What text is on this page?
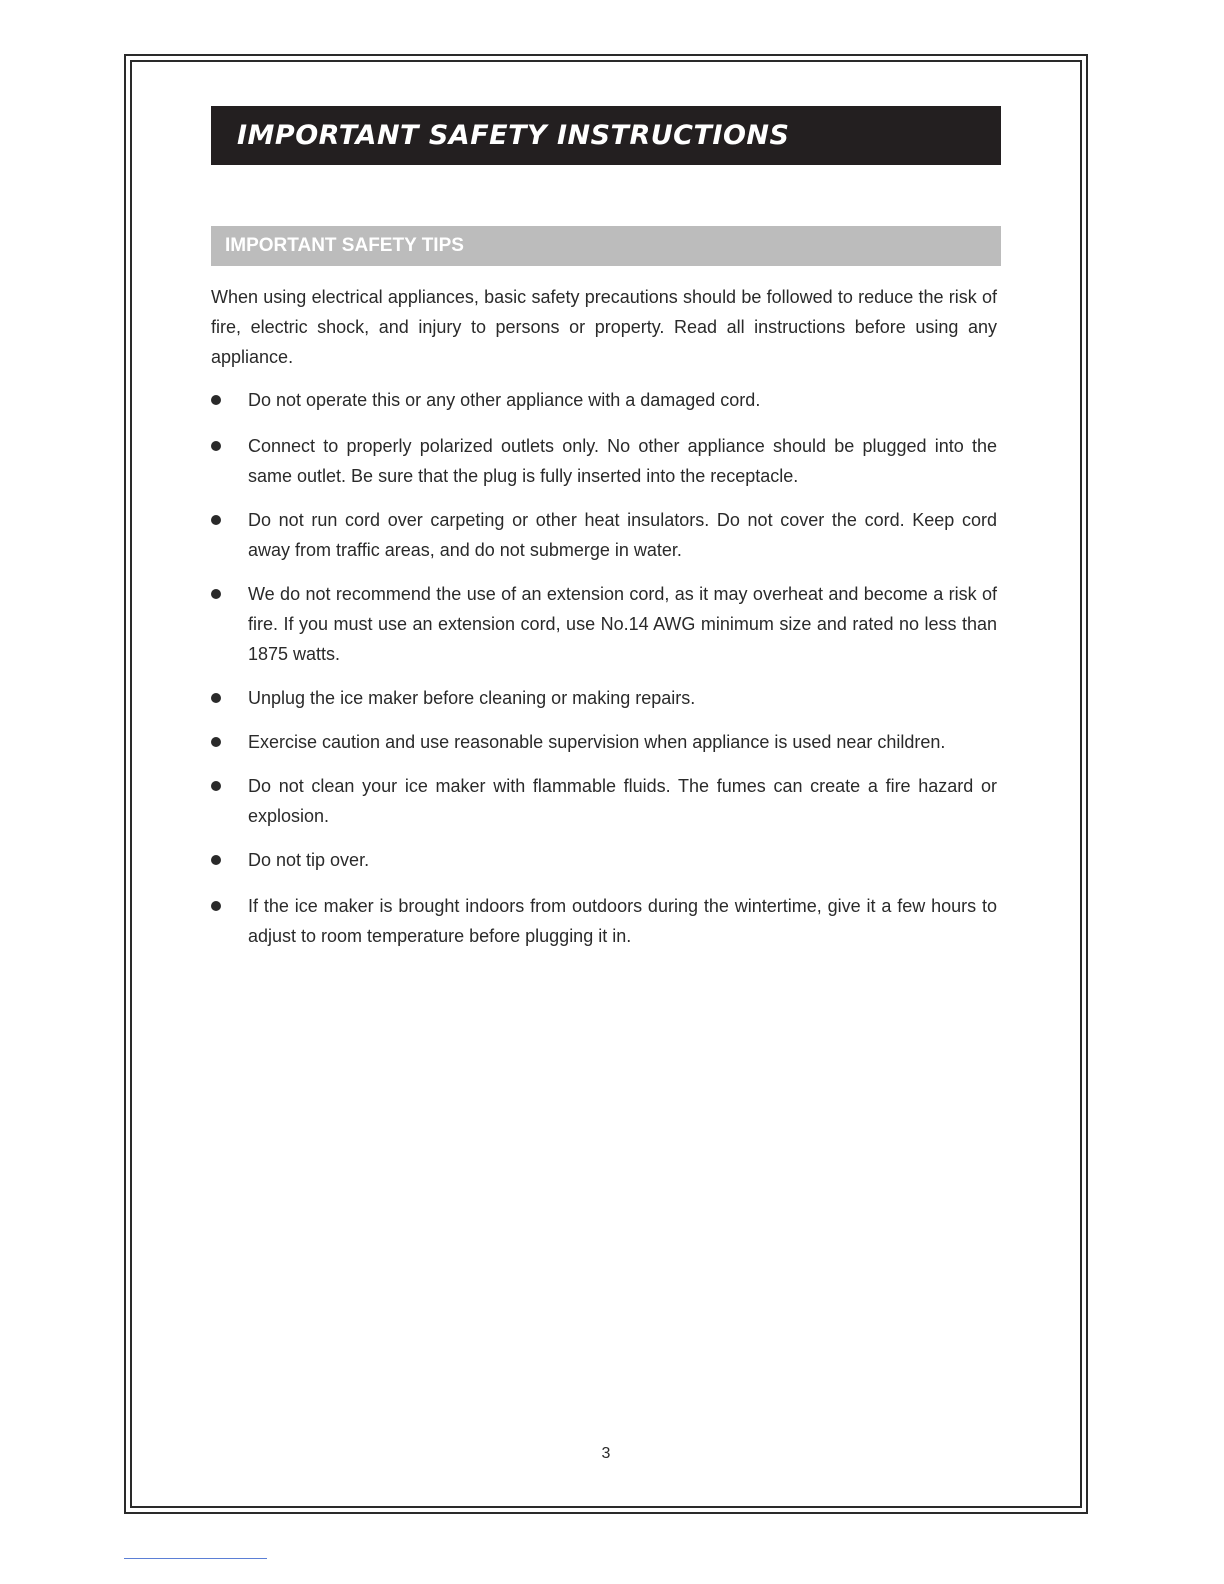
IMPORTANT SAFETY INSTRUCTIONS
IMPORTANT SAFETY TIPS

When using electrical appliances, basic safety precautions should be followed to reduce the risk of fire, electric shock, and injury to persons or property. Read all instructions before using any appliance.

Do not operate this or any other appliance with a damaged cord.
Connect to properly polarized outlets only. No other appliance should be plugged into the same outlet. Be sure that the plug is fully inserted into the receptacle.
Do not run cord over carpeting or other heat insulators. Do not cover the cord. Keep cord away from traffic areas, and do not submerge in water.
We do not recommend the use of an extension cord, as it may overheat and become a risk of fire. If you must use an extension cord, use No.14 AWG minimum size and rated no less than 1875 watts.
Unplug the ice maker before cleaning or making repairs.
Exercise caution and use reasonable supervision when appliance is used near children.
Do not clean your ice maker with flammable fluids. The fumes can create a fire hazard or explosion.
Do not tip over.
If the ice maker is brought indoors from outdoors during the wintertime, give it a few hours to adjust to room temperature before plugging it in.
3
